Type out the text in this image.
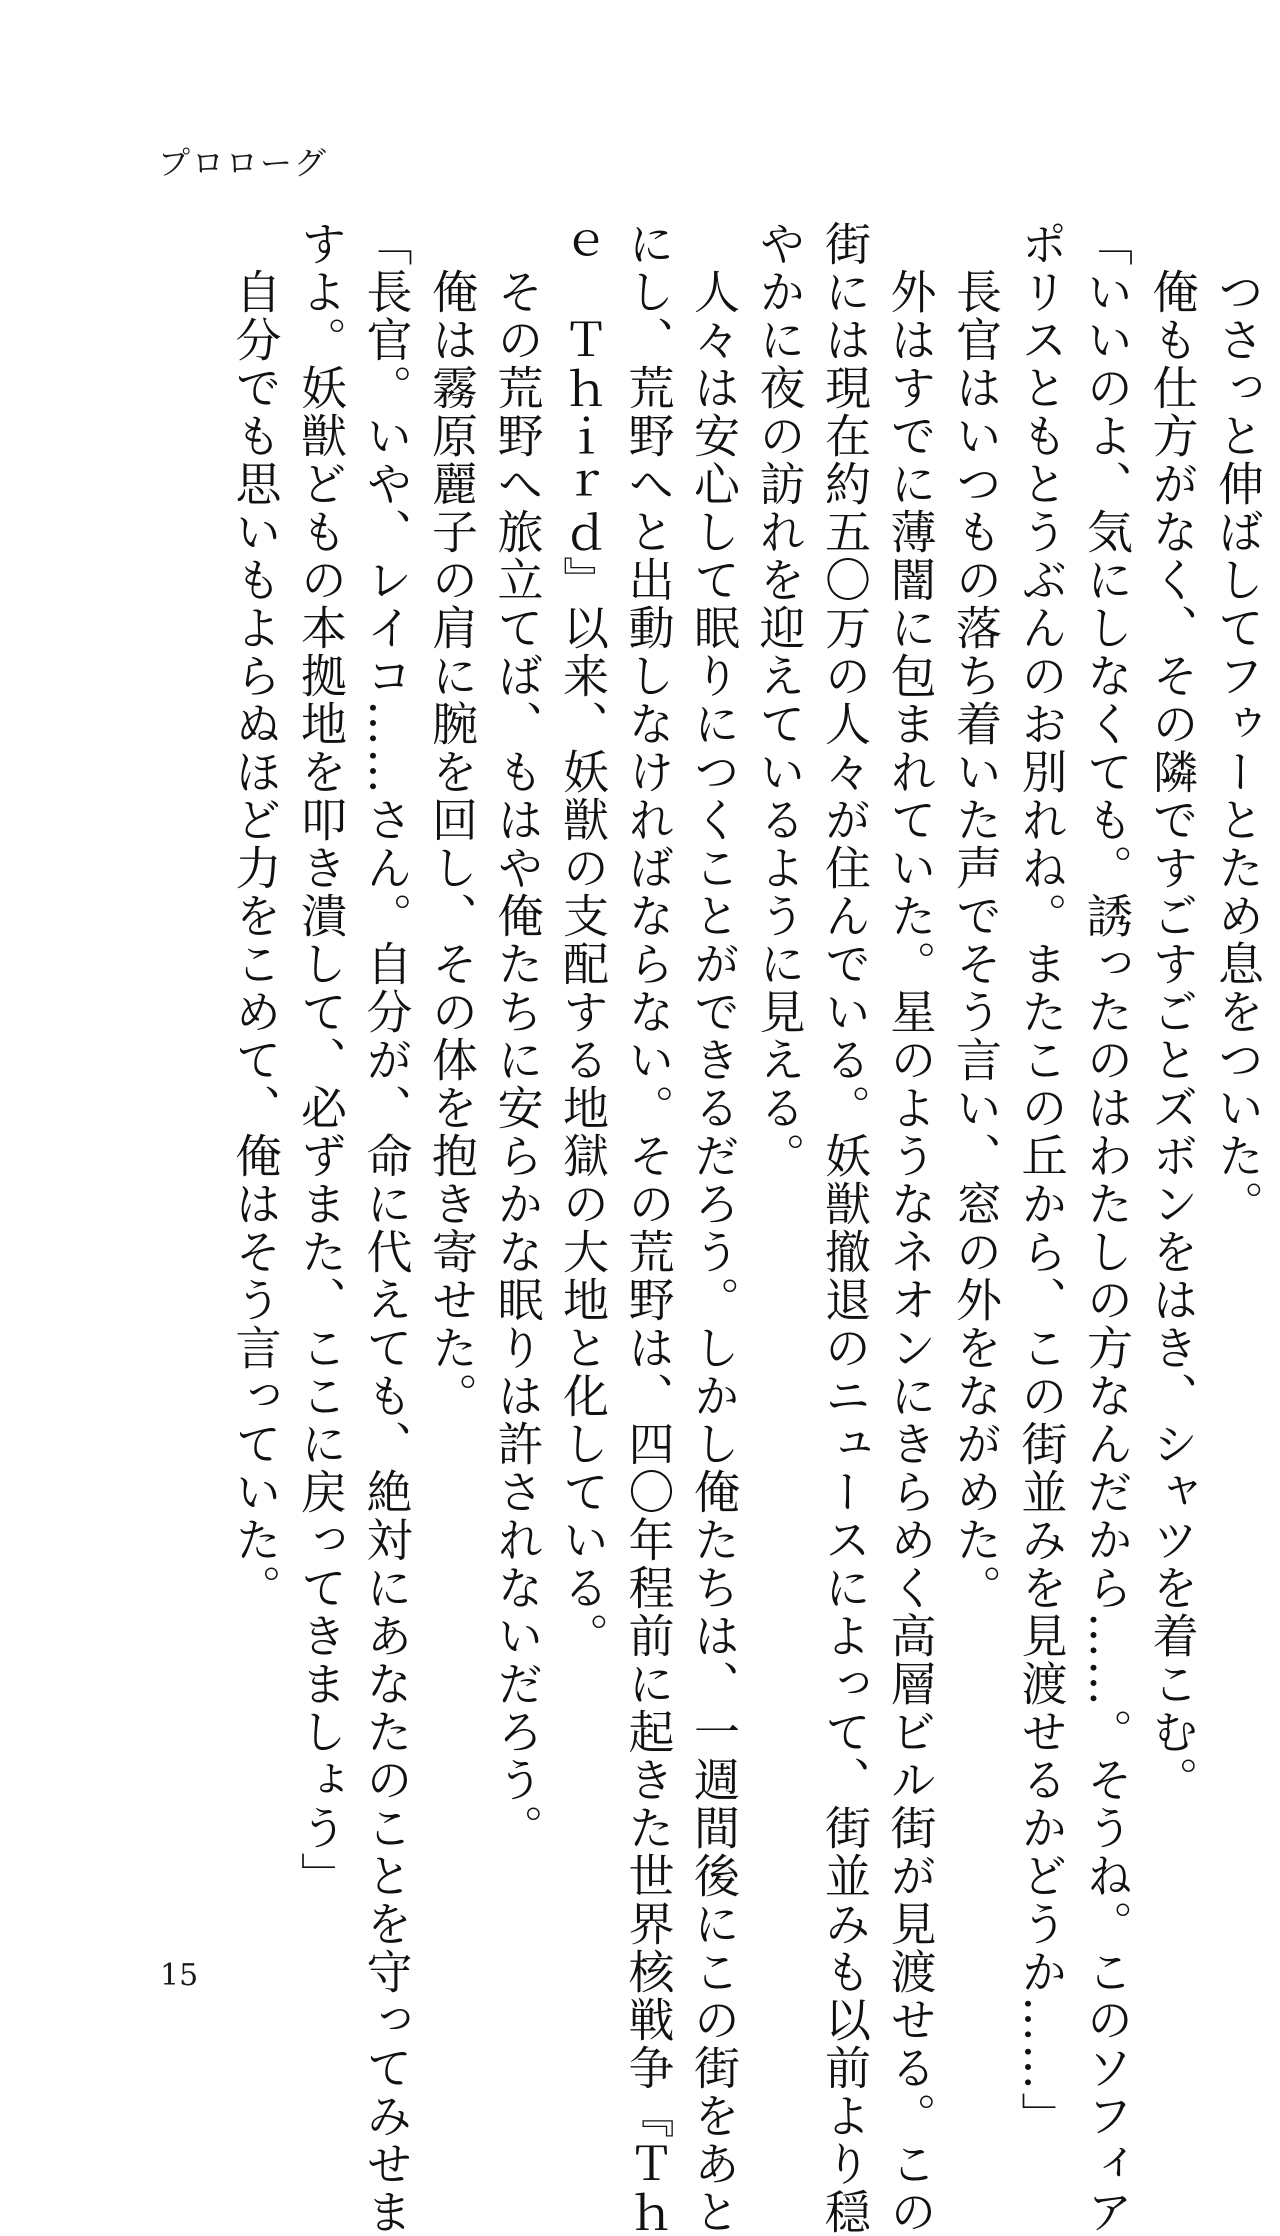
プロローグ

　つさっと伸ばしてフゥーとため息をついた。

　俺も仕方がなく、その隣ですごすごとズボンをはき、シャツを着こむ。

「いいのよ、気にしなくても。誘ったのはわたしの方なんだから……。そうね。このソフィア

ポリスともとうぶんのお別れね。またこの丘から、この街並みを見渡せるかどうか……」

　長官はいつもの落ち着いた声でそう言い、窓の外をながめた。

　外はすでに薄闇に包まれていた。星のようなネオンにきらめく高層ビル街が見渡せる。この

街には現在約五〇万の人々が住んでいる。妖獣撤退のニュースによって、街並みも以前より穏

やかに夜の訪れを迎えているように見える。

　人々は安心して眠りにつくことができるだろう。しかし俺たちは、一週間後にこの街をあと

にし、荒野へと出動しなければならない。その荒野は、四〇年程前に起きた世界核戦争『Ｔｈ

ｅ　Ｔｈｉｒｄ』以来、妖獣の支配する地獄の大地と化している。

　その荒野へ旅立てば、もはや俺たちに安らかな眠りは許されないだろう。

　俺は霧原麗子の肩に腕を回し、その体を抱き寄せた。

「長官。いや、レイコ……さん。自分が、命に代えても、絶対にあなたのことを守ってみせま

すよ。妖獣どもの本拠地を叩き潰して、必ずまた、ここに戻ってきましょう」

　自分でも思いもよらぬほど力をこめて、俺はそう言っていた。

15
